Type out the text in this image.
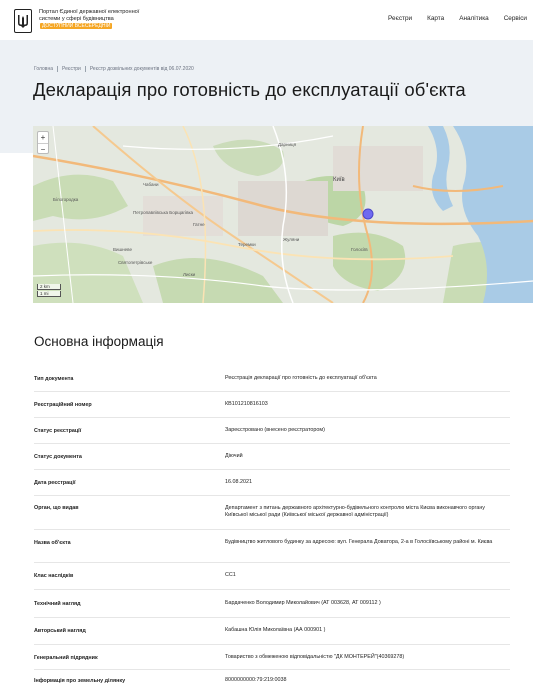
Портал Єдиної державної електронної системи у сфері будівництва ДОСТУПНИЙ ВСЕСЕРЕДНІЙ
Реєстри Карта Аналітика Сервіси
Головна Реєстри Реєстр дозвільних документів від 06.07.2020
Декларація про готовність до експлуатації об'єкта
Дарниця
Київ
Голосіїв
Жуляни
Теремки
Лиски
Вишневе
Святопетрівське
Гатне
Чабани
Білогородка
Петропавлівська Борщагівка
+
−
2 km
1 mi
Основна інформація
Тип документа	Реєстрація декларації про готовність до експлуатації об'єкта
Реєстраційний номер	КВ101210816103
Статус реєстрації	Зареєстровано (внесено реєстратором)
Статус документа	Діючий
Дата реєстрації	16.08.2021
Орган, що видав	Департамент з питань державного архітектурно-будівельного контролю міста Києва виконавчого органу Київської міської ради (Київської міської державної адміністрації)
Назва об'єкта	Будівництво житлового будинку за адресою: вул. Генерала Доватора, 2-а в Голосіївському районі м. Києва
Клас наслідків	СС1
Технічний нагляд	Бардаченко Володимир Миколайович (АТ 003628, АТ 009112 )
Авторський нагляд	Кабашна Юлія Миколаївна (АА 000901 )
Генеральний підрядник	Товариство з обмеженою відповідальністю "ДК МОНТЕРЕЙ"(40369278)
Інформація про земельну ділянку	8000000000:79:219:0038
